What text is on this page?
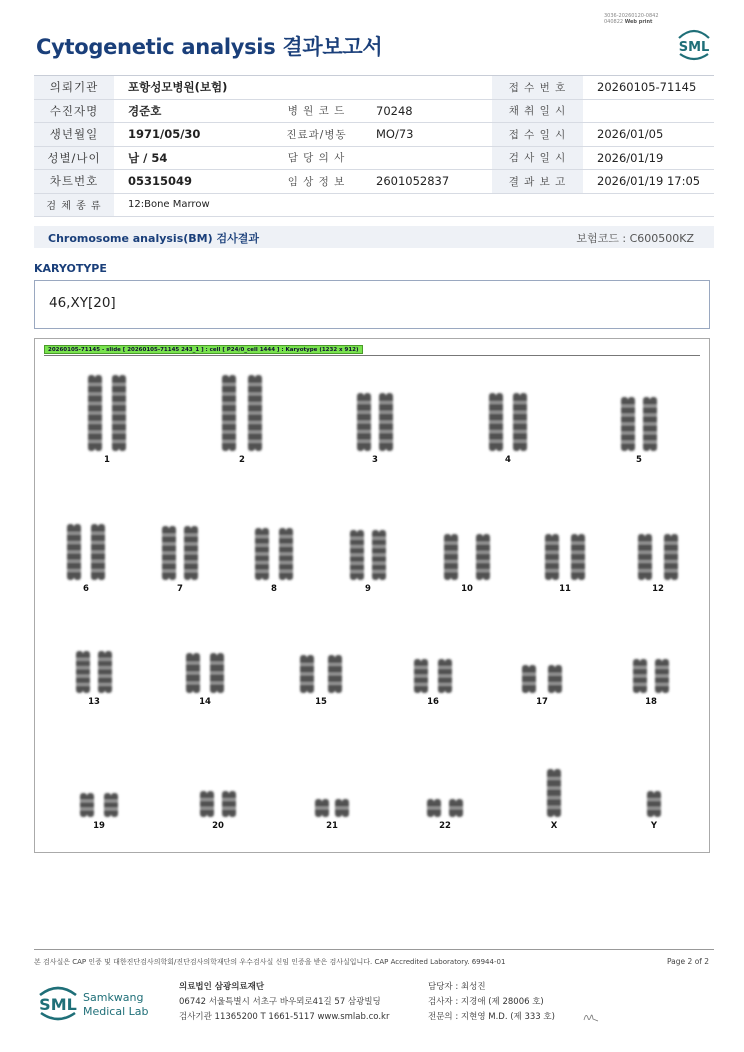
3036-20260120-0842
040822 Web print
Cytogenetic analysis 결과보고서	SML
의뢰기관	포항성모병원(보험)			접 수 번 호	20260105-71145
수진자명	경준호	병 원 코 드	70248	채 취 일 시	
생년월일	1971/05/30	진료과/병동	MO/73	접 수 일 시	2026/01/05
성별/나이	남 / 54	담 당 의 사		검 사 일 시	2026/01/19
차트번호	05315049	임 상 정 보	2601052837	결 과 보 고	2026/01/19 17:05
검 체 종 류	12:Bone Marrow				
Chromosome analysis(BM) 검사결과	보험코드 : C600500KZ
KARYOTYPE
46,XY[20]
20260105-71145 - slide [ 20260105-71145 243_1 ] : cell [ P24/0_cell 1444 ] : Karyotype (1232 x 912)
1	2	3	4	5
6	7	8	9	10	11	12
13	14	15	16	17	18
19	20	21	22	X	Y
본 검사실은 CAP 인증 및 대한진단검사의학회/진단검사의학재단의 우수검사실 신임 인증을 받은 검사실입니다. CAP Accredited Laboratory. 69944-01	Page 2 of 2
SML Samkwang
Medical Lab
의료법인 삼광의료재단
06742 서울특별시 서초구 바우뫼로41길 57 삼광빌딩
검사기관 11365200 T 1661-5117 www.smlab.co.kr
담당자 : 최성진
검사자 : 지경애 (제 28006 호)
전문의 : 지현영 M.D. (제 333 호)
